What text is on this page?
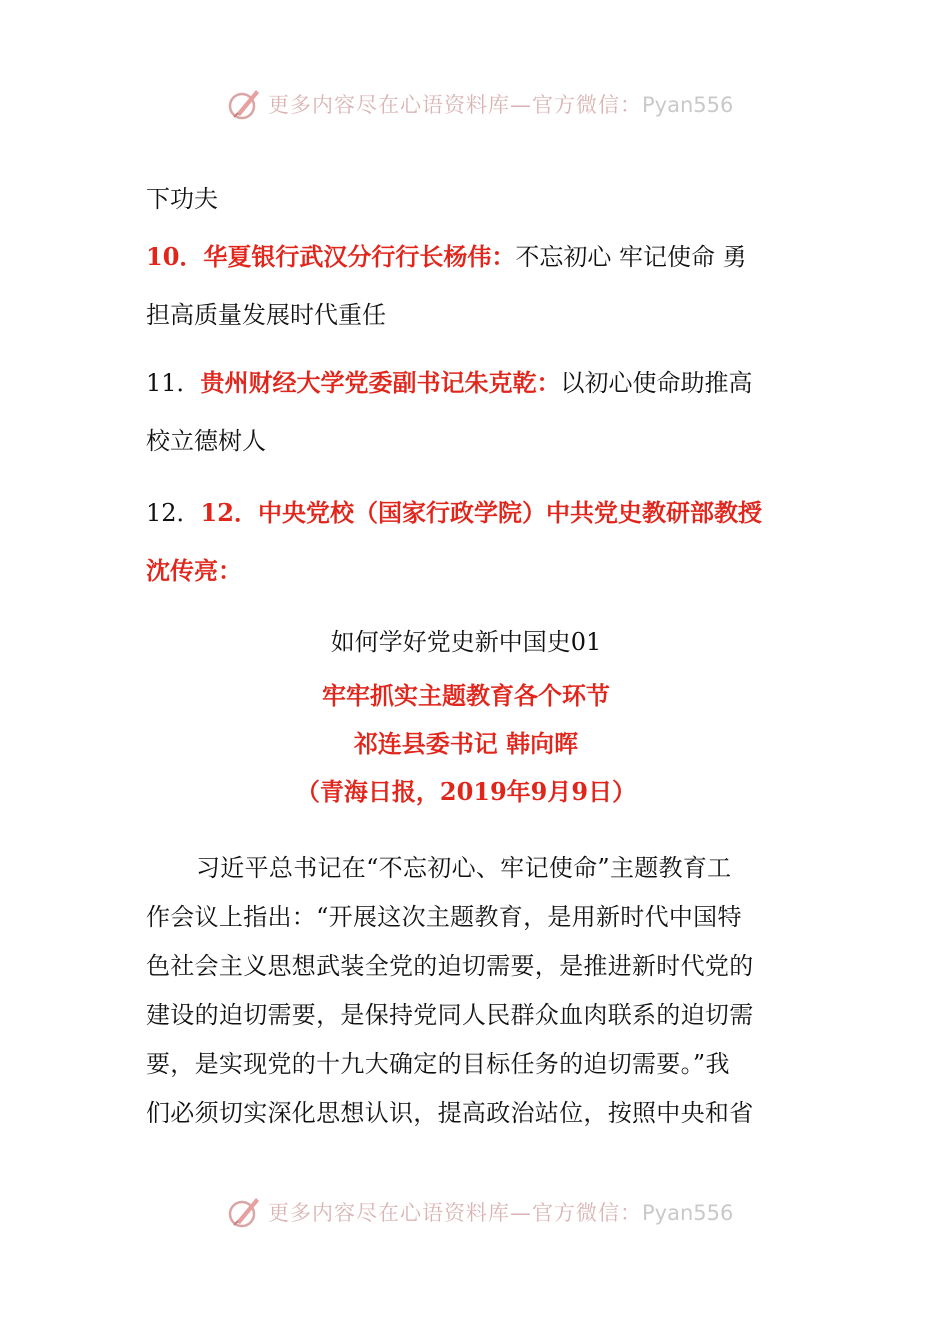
更多内容尽在心语资料库—官方微信：Pyan556

下功夫

10．华夏银行武汉分行行长杨伟：不忘初心 牢记使命 勇

担高质量发展时代重任

11．贵州财经大学党委副书记朱克乾：以初心使命助推高

校立德树人

12．12．中央党校（国家行政学院）中共党史教研部教授

沈传亮：

如何学好党史新中国史01
牢牢抓实主题教育各个环节
祁连县委书记 韩向晖
（青海日报，2019年9月9日）

习近平总书记在“不忘初心、牢记使命”主题教育工

作会议上指出：“开展这次主题教育，是用新时代中国特

色社会主义思想武装全党的迫切需要，是推进新时代党的

建设的迫切需要，是保持党同人民群众血肉联系的迫切需

要，是实现党的十九大确定的目标任务的迫切需要。”我

们必须切实深化思想认识，提高政治站位，按照中央和省

更多内容尽在心语资料库—官方微信：Pyan556
